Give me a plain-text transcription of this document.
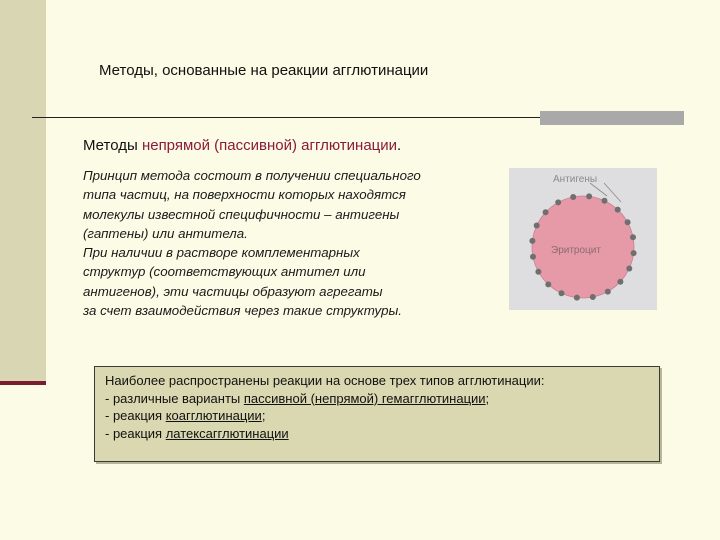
Методы, основанные на реакции агглютинации
Методы непрямой (пассивной) агглютинации.

Принцип метода состоит в получении специального

типа частиц, на поверхности которых находятся

молекулы известной специфичности – антигены

(гаптены) или антитела.

При наличии в растворе комплементарных

структур (соответствующих антител или

антигенов), эти частицы образуют агрегаты

за счет взаимодействия через такие структуры.

Антигены
Эритроцит
Наиболее распространены реакции на основе трех типов агглютинации:
- различные варианты пассивной (непрямой) гемагглютинации;
- реакция коагглютинации;
- реакция латексагглютинации
